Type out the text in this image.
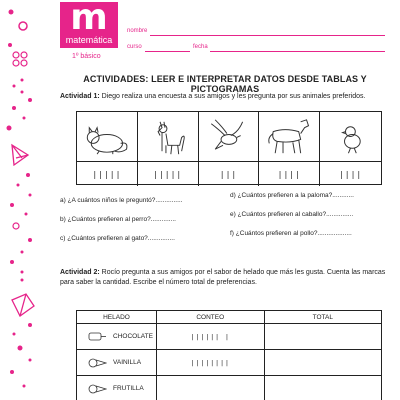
m
matemática
1º básico
nombre
curso	fecha
ACTIVIDADES: LEER E INTERPRETAR DATOS DESDE TABLAS Y PICTOGRAMAS
Actividad 1: Diego realiza una encuesta a sus amigos y les pregunta por sus animales preferidos.
|||||	|||||	|||	||||	||||
a) ¿A cuántos niños le preguntó?...............
b) ¿Cuántos prefieren al perro?..............
c) ¿Cuántos prefieren al gato?...............
d) ¿Cuántos prefieren a la paloma?............
e) ¿Cuántos prefieren al caballo?...............
f) ¿Cuántos prefieren al pollo?...................
Actividad 2: Rocío pregunta a sus amigos por el sabor de helado que más les gusta. Cuenta las marcas para saber la cantidad. Escribe el número total de preferencias.
HELADO	CONTEO	TOTAL

CHOCOLATE	|||||| |	

VAINILLA	||||||||	

FRUTILLA		
